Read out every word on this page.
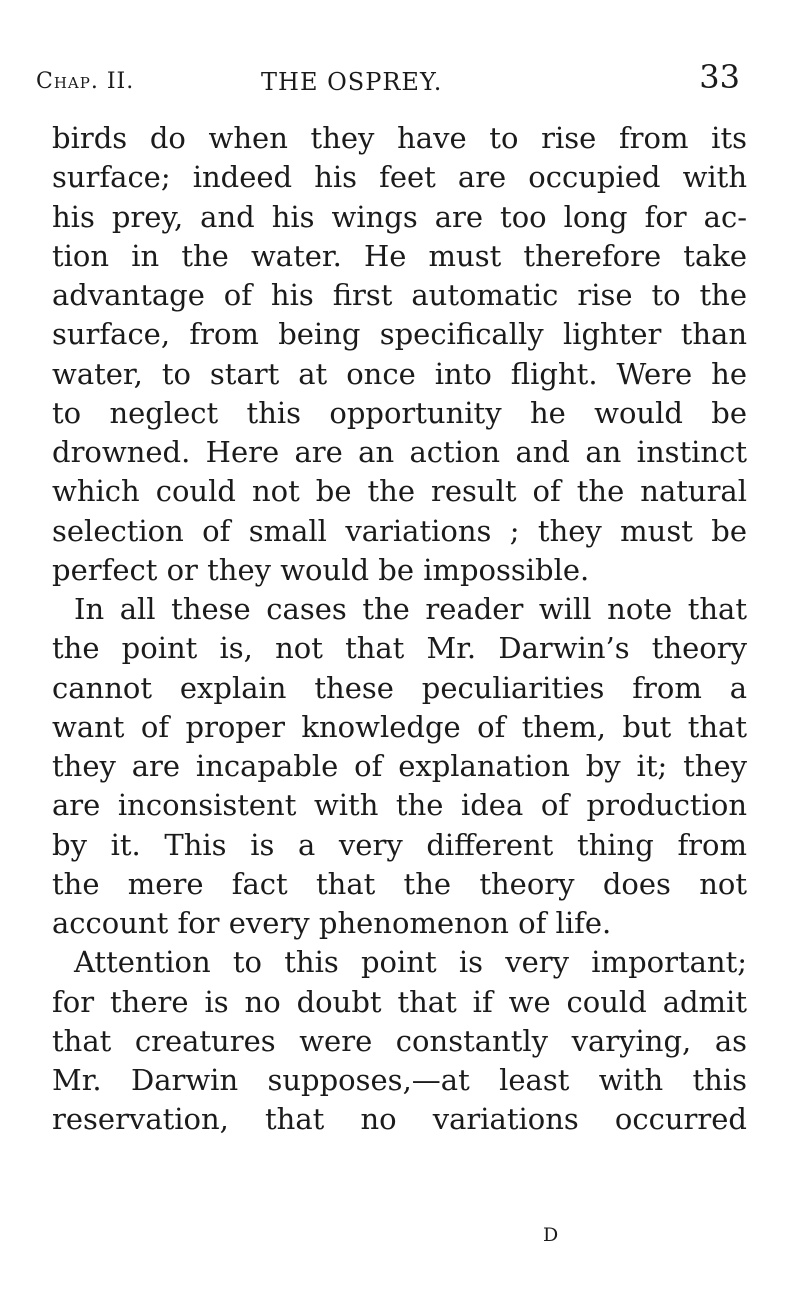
Chap. II.	THE OSPREY.	33
birds do when they have to rise from its
surface; indeed his feet are occupied with
his prey, and his wings are too long for ac-
tion in the water. He must therefore take
advantage of his first automatic rise to the
surface, from being specifically lighter than
water, to start at once into flight. Were he
to neglect this opportunity he would be
drowned. Here are an action and an instinct
which could not be the result of the natural
selection of small variations ; they must be
perfect or they would be impossible.
In all these cases the reader will note that
the point is, not that Mr. Darwin’s theory
cannot explain these peculiarities from a
want of proper knowledge of them, but that
they are incapable of explanation by it; they
are inconsistent with the idea of production
by it. This is a very different thing from
the mere fact that the theory does not
account for every phenomenon of life.
Attention to this point is very important;
for there is no doubt that if we could admit
that creatures were constantly varying, as
Mr. Darwin supposes,—at least with this
reservation, that no variations occurred
D
